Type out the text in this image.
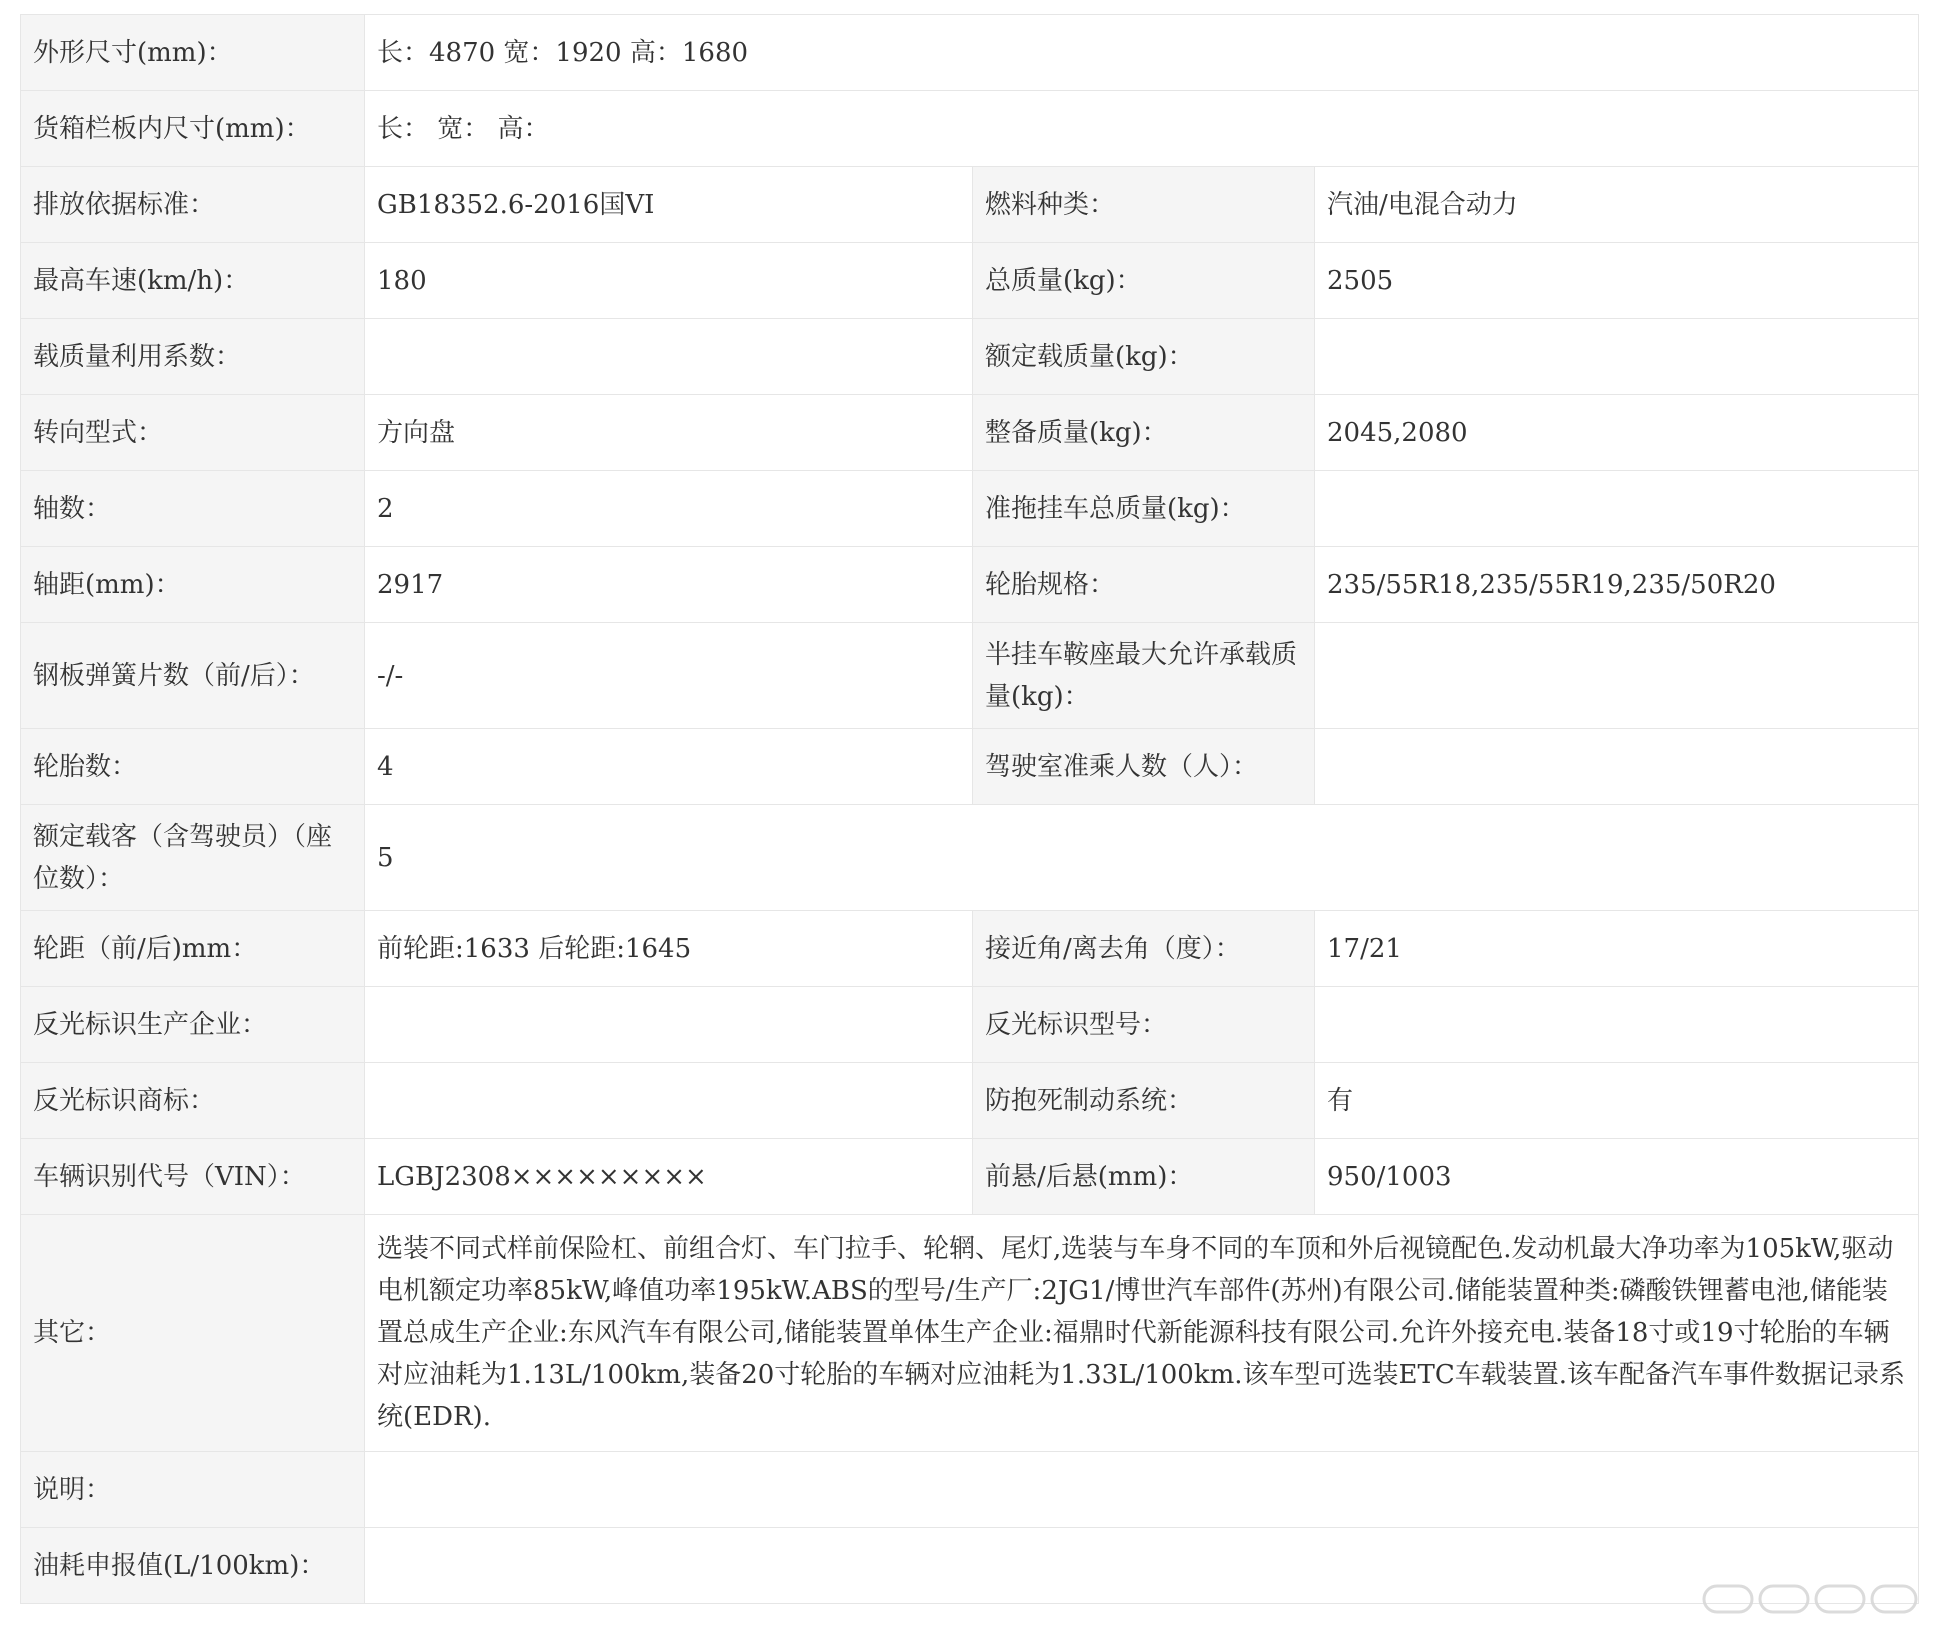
外形尺寸(mm)：	长：4870 宽：1920 高：1680		
货箱栏板内尺寸(mm)：	长： 宽： 高：		
排放依据标准：	GB18352.6-2016国VI	燃料种类：	汽油/电混合动力
最高车速(km/h)：	180	总质量(kg)：	2505
载质量利用系数：		额定载质量(kg)：	
转向型式：	方向盘	整备质量(kg)：	2045,2080
轴数：	2	准拖挂车总质量(kg)：	
轴距(mm)：	2917	轮胎规格：	235/55R18,235/55R19,235/50R20
钢板弹簧片数（前/后）：	-/-	半挂车鞍座最大允许承载质量(kg)：	
轮胎数：	4	驾驶室准乘人数（人）：	
额定载客（含驾驶员）（座位数）：	5		
轮距（前/后)mm：	前轮距:1633 后轮距:1645	接近角/离去角（度）：	17/21
反光标识生产企业：		反光标识型号：	
反光标识商标：		防抱死制动系统：	有
车辆识别代号（VIN）：	LGBJ2308×××××××××	前悬/后悬(mm)：	950/1003
其它：	选装不同式样前保险杠、前组合灯、车门拉手、轮辋、尾灯,选装与车身不同的车顶和外后视镜配色.发动机最大净功率为105kW,驱动电机额定功率85kW,峰值功率195kW.ABS的型号/生产厂:2JG1/博世汽车部件(苏州)有限公司.储能装置种类:磷酸铁锂蓄电池,储能装置总成生产企业:东风汽车有限公司,储能装置单体生产企业:福鼎时代新能源科技有限公司.允许外接充电.装备18寸或19寸轮胎的车辆对应油耗为1.13L/100km,装备20寸轮胎的车辆对应油耗为1.33L/100km.该车型可选装ETC车载装置.该车配备汽车事件数据记录系统(EDR).		
说明：			
油耗申报值(L/100km)：			
